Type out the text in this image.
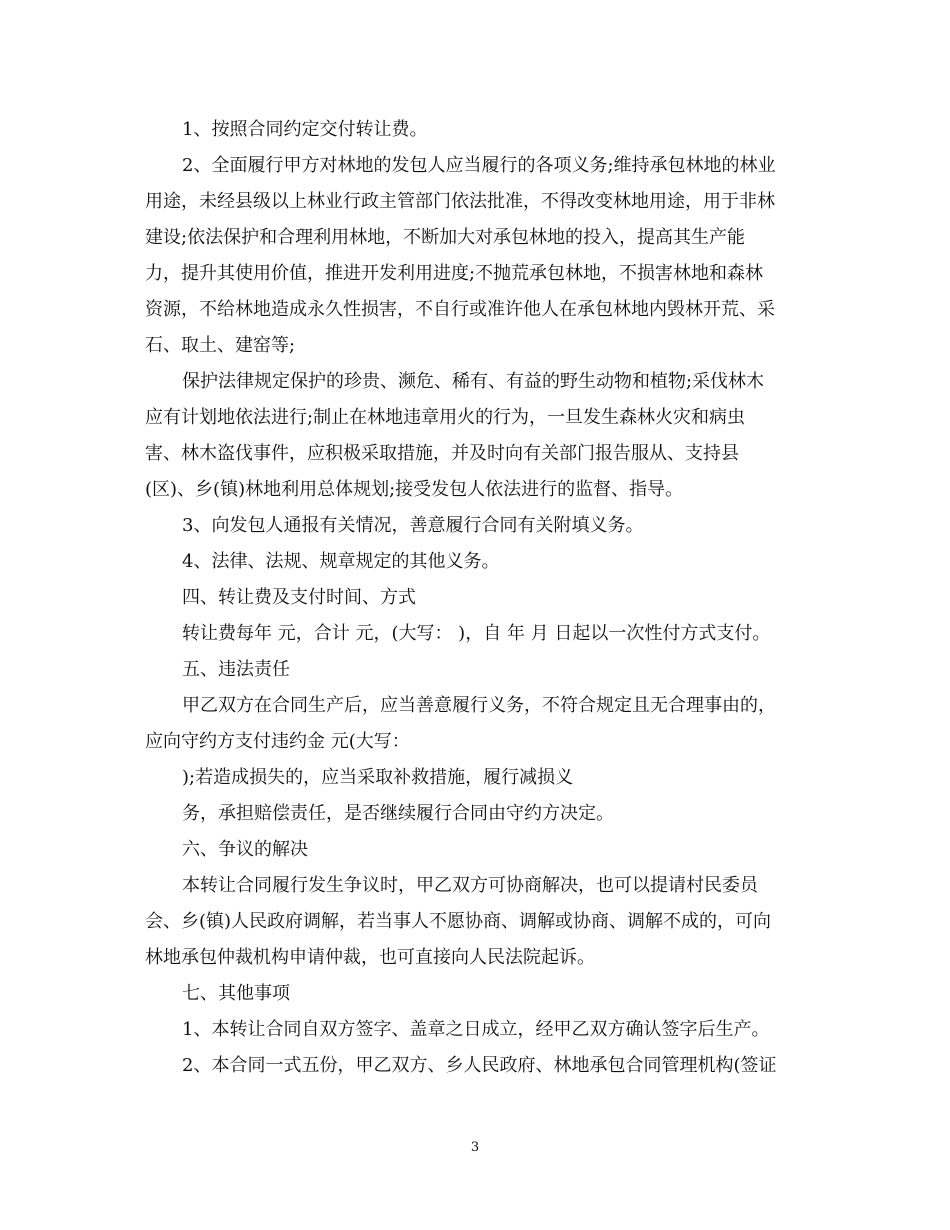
1、按照合同约定交付转让费。
2、全面履行甲方对林地的发包人应当履行的各项义务;维持承包林地的林业
用途，未经县级以上林业行政主管部门依法批准，不得改变林地用途，用于非林
建设;依法保护和合理利用林地，不断加大对承包林地的投入，提高其生产能
力，提升其使用价值，推进开发利用进度;不抛荒承包林地，不损害林地和森林
资源，不给林地造成永久性损害，不自行或准许他人在承包林地内毁林开荒、采
石、取土、建窑等;
保护法律规定保护的珍贵、濒危、稀有、有益的野生动物和植物;采伐林木
应有计划地依法进行;制止在林地违章用火的行为，一旦发生森林火灾和病虫
害、林木盗伐事件，应积极采取措施，并及时向有关部门报告服从、支持县
(区)、乡(镇)林地利用总体规划;接受发包人依法进行的监督、指导。
3、向发包人通报有关情况，善意履行合同有关附填义务。
4、法律、法规、规章规定的其他义务。
四、转让费及支付时间、方式
转让费每年 元，合计 元，(大写： )，自 年 月 日起以一次性付方式支付。
五、违法责任
甲乙双方在合同生产后，应当善意履行义务，不符合规定且无合理事由的，
应向守约方支付违约金 元(大写：
);若造成损失的，应当采取补救措施，履行减损义
务，承担赔偿责任，是否继续履行合同由守约方决定。
六、争议的解决
本转让合同履行发生争议时，甲乙双方可协商解决，也可以提请村民委员
会、乡(镇)人民政府调解，若当事人不愿协商、调解或协商、调解不成的，可向
林地承包仲裁机构申请仲裁，也可直接向人民法院起诉。
七、其他事项
1、本转让合同自双方签字、盖章之日成立，经甲乙双方确认签字后生产。
2、本合同一式五份，甲乙双方、乡人民政府、林地承包合同管理机构(签证
3
